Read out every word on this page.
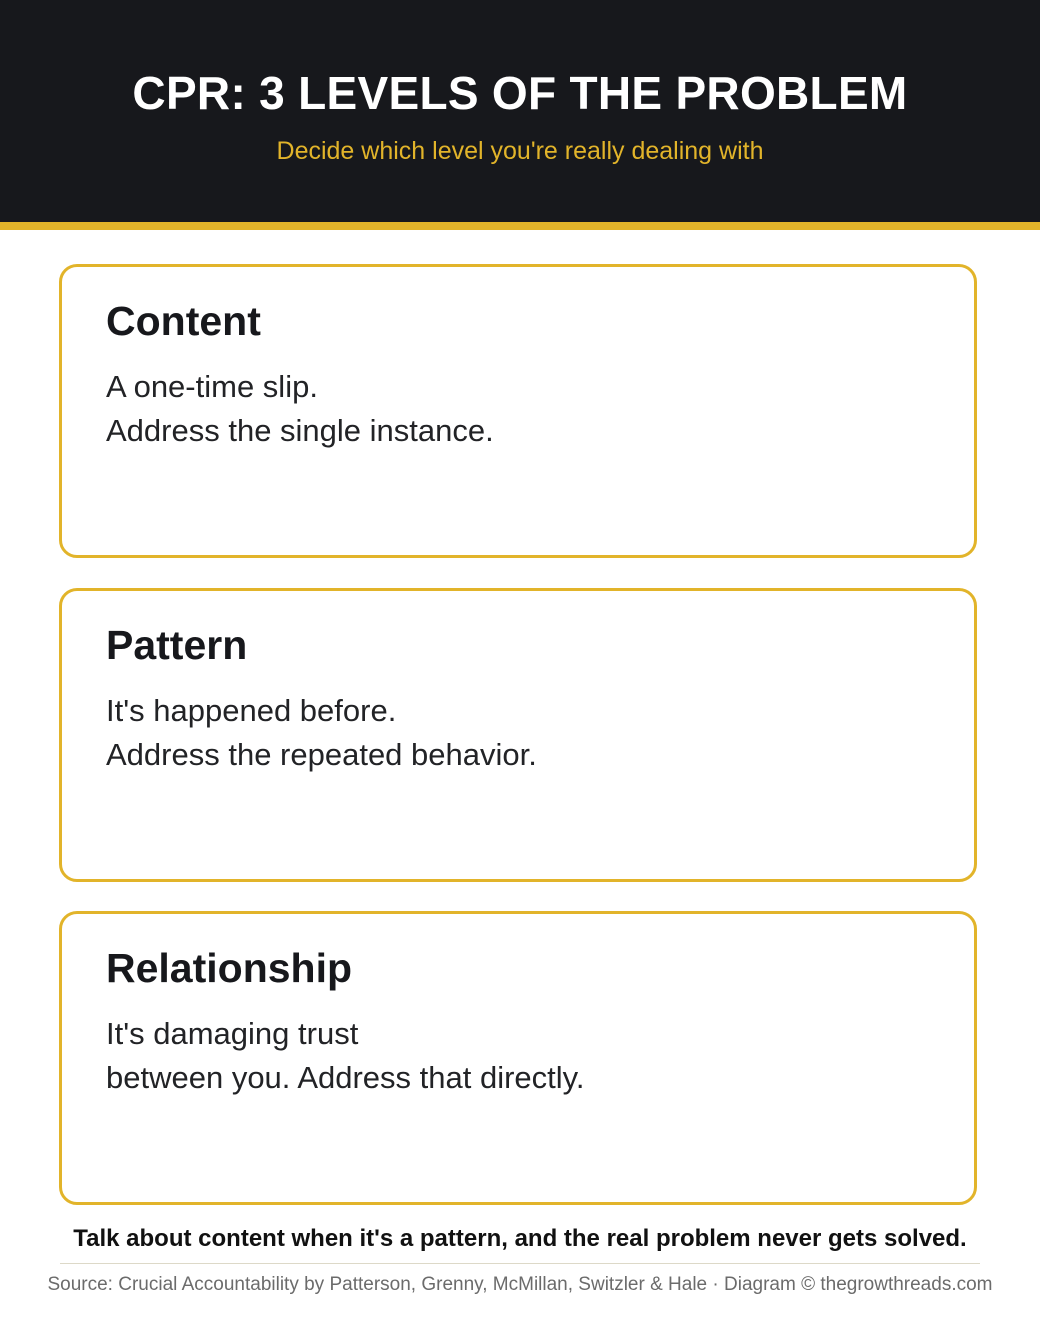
CPR: 3 LEVELS OF THE PROBLEM
Decide which level you're really dealing with
Content
A one-time slip.
Address the single instance.
Pattern
It's happened before.
Address the repeated behavior.
Relationship
It's damaging trust
between you. Address that directly.
Talk about content when it's a pattern, and the real problem never gets solved.
Source: Crucial Accountability by Patterson, Grenny, McMillan, Switzler & Hale · Diagram © thegrowthreads.com
